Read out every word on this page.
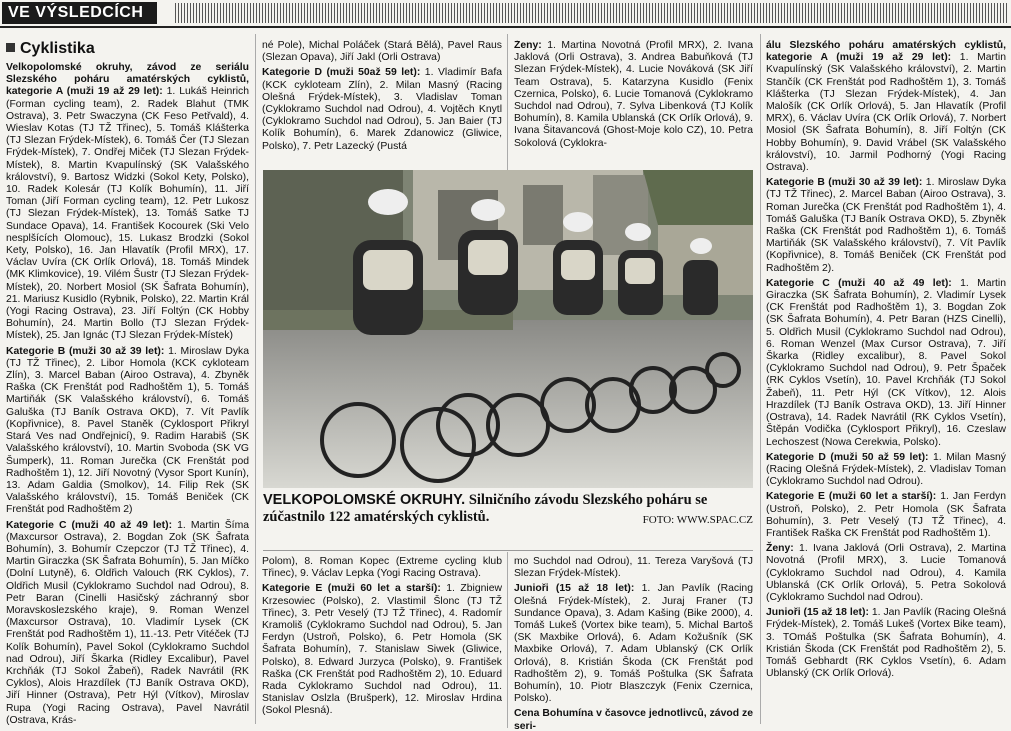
VE VÝSLEDCÍCH
Cyklistika

Velkopolomské okruhy, závod ze seriálu Slezského poháru amatérských cyklistů, kategorie A (muži 19 až 29 let): 1. Lukáš Heinrich (Forman cycling team), 2. Radek Blahut (TMK Ostrava), 3. Petr Swaczyna (CK Feso Petřvald), 4. Wieslav Kotas (TJ TŽ Třinec), 5. Tomáš Klášterka (TJ Slezan Frýdek-Místek), 6. Tomáš Čer (TJ Slezan Frýdek-Místek), 7. Ondřej Miček (TJ Slezan Frýdek-Místek), 8. Martin Kvapulínský (SK Valašského království), 9. Bartosz Widzki (Sokol Kety, Polsko), 10. Radek Kolesár (TJ Kolík Bohumín), 11. Jiří Toman (Jiří Forman cycling team), 12. Petr Lukosz (TJ Slezan Frýdek-Místek), 13. Tomáš Satke TJ Sundace Opava), 14. František Kocourek (Ski Velo nesplšících Olomouc), 15. Lukasz Brodzki (Sokol Kety, Polsko), 16. Jan Hlavatík (Profil MRX), 17. Václav Uvíra (CK Orlík Orlová), 18. Tomáš Mindek (MK Klimkovice), 19. Vilém Šustr (TJ Slezan Frýdek-Místek), 20. Norbert Mosiol (SK Šafrata Bohumín), 21. Mariusz Kusidlo (Rybnik, Polsko), 22. Martin Král (Yogi Racing Ostrava), 23. Jiří Foltýn (CK Hobby Bohumín), 24. Martin Bollo (TJ Slezan Frýdek-Místek), 25. Jan Ignác (TJ Slezan Frýdek-Místek)

Kategorie B (muži 30 až 39 let): 1. Miroslaw Dyka (TJ TŽ Třinec), 2. Libor Homola (KCK cykloteam Zlín), 3. Marcel Baban (Airoo Ostrava), 4. Zbyněk Raška (CK Frenštát pod Radhoštěm 1), 5. Tomáš Martiňák (SK Valašského království), 6. Tomáš Galuška (TJ Baník Ostrava OKD), 7. Vít Pavlík (Kopřivnice), 8. Pavel Staněk (Cyklosport Přikryl Stará Ves nad Ondřejnicí), 9. Radim Harabiš (SK Valašského království), 10. Martin Svoboda (SK VG Šumperk), 11. Roman Jurečka (CK Frenštát pod Radhoštěm 1), 12. Jiří Novotný (Vysor Sport Kunín), 13. Adam Galdia (Smolkov), 14. Filip Rek (SK Valašského království), 15. Tomáš Beniček (CK Frenštát pod Radhoštěm 2)

Kategorie C (muži 40 až 49 let): 1. Martin Šíma (Maxcursor Ostrava), 2. Bogdan Zok (SK Šafrata Bohumín), 3. Bohumír Czepczor (TJ TŽ Třinec), 4. Martin Giraczka (SK Šafrata Bohumín), 5. Jan Míčko (Dolní Lutyně), 6. Oldřich Valouch (RK Cyklos), 7. Oldřich Musil (Cyklokramo Suchdol nad Odrou), 8. Petr Baran (Cinelli Hasičský záchranný sbor Moravskoslezského kraje), 9. Roman Wenzel (Maxcursor Ostrava), 10. Vladimír Lysek (CK Frenštát pod Radhoštěm 1), 11.-13. Petr Vitéček (TJ Kolík Bohumín), Pavel Sokol (Cyklokramo Suchdol nad Odrou), Jiří Škarka (Ridley Excalibur), Pavel Krchňák (TJ Sokol Žabeň), Radek Navrátil (RK Cyklos), Alois Hrazdílek (TJ Baník Ostrava OKD), Jiří Hinner (Ostrava), Petr Hýl (Vítkov), Miroslav Rupa (Yogi Racing Ostrava), Pavel Navrátil (Ostrava, Krás-

né Pole), Michal Poláček (Stará Bělá), Pavel Raus (Slezan Opava), Jiří Jakl (Orli Ostrava)

Kategorie D (muži 50až 59 let): 1. Vladimír Bafa (KCK cykloteam Zlín), 2. Milan Masný (Racing Olešná Frýdek-Místek), 3. Vladislav Toman (Cyklokramo Suchdol nad Odrou), 4. Vojtěch Knytl (Cyklokramo Suchdol nad Odrou), 5. Jan Baier (TJ Kolík Bohumín), 6. Marek Zdanowicz (Gliwice, Polsko), 7. Petr Lazecký (Pustá

Ženy: 1. Martina Novotná (Profil MRX), 2. Ivana Jaklová (Orli Ostrava), 3. Andrea Babuňková (TJ Slezan Frýdek-Místek), 4. Lucie Nováková (SK Jiří Team Ostrava), 5. Katarzyna Kusidlo (Fenix Czernica, Polsko), 6. Lucie Tomanová (Cyklokramo Suchdol nad Odrou), 7. Sylva Libenková (TJ Kolík Bohumín), 8. Kamila Ublanská (CK Orlík Orlová), 9. Ivana Šitavancová (Ghost-Moje kolo CZ), 10. Petra Sokolová (Cyklokra-

VELKOPOLOMSKÉ OKRUHY. Silničního závodu Slezského poháru se zúčastnilo 122 amatérských cyklistů.	FOTO: WWW.SPAC.CZ

Polom), 8. Roman Kopec (Extreme cycling klub Třinec), 9. Václav Lepka (Yogi Racing Ostrava).

Kategorie E (muži 60 let a starší): 1. Zbigniew Krzesowiec (Polsko), 2. Vlastimil Šlonc (TJ TŽ Třinec), 3. Petr Veselý (TJ TŽ Třinec), 4. Radomír Kramoliš (Cyklokramo Suchdol nad Odrou), 5. Jan Ferdyn (Ustroň, Polsko), 6. Petr Homola (SK Šafrata Bohumín), 7. Stanislaw Siwek (Gliwice, Polsko), 8. Edward Jurzyca (Polsko), 9. František Raška (CK Frenštát pod Radhoštěm 2), 10. Eduard Rada Cyklokramo Suchdol nad Odrou), 11. Stanislav Oslzla (Brušperk), 12. Miroslav Hrdina (Sokol Plesná).

mo Suchdol nad Odrou), 11. Tereza Varyšová (TJ Slezan Frýdek-Místek).

Junioři (15 až 18 let): 1. Jan Pavlík (Racing Olešná Frýdek-Místek), 2. Juraj Franer (TJ Sundance Opava), 3. Adam Kašing (Bike 2000), 4. Tomáš Lukeš (Vortex bike team), 5. Michal Bartoš (SK Maxbike Orlová), 6. Adam Kožušník (SK Maxbike Orlová), 7. Adam Ublanský (CK Orlík Orlová), 8. Kristián Škoda (CK Frenštát pod Radhoštěm 2), 9. Tomáš Poštulka (SK Šafrata Bohumín), 10. Piotr Blaszczyk (Fenix Czernica, Polsko).

Cena Bohumína v časovce jednotlivců, závod ze seri-

álu Slezského poháru amatérských cyklistů, kategorie A (muži 19 až 29 let): 1. Martin Kvapulínský (SK Valašského království), 2. Martin Stančík (CK Frenštát pod Radhoštěm 1), 3. Tomáš Klášterka (TJ Slezan Frýdek-Místek), 4. Jan Malošík (CK Orlík Orlová), 5. Jan Hlavatík (Profil MRX), 6. Václav Uvíra (CK Orlík Orlová), 7. Norbert Mosiol (SK Šafrata Bohumín), 8. Jiří Foltýn (CK Hobby Bohumín), 9. David Vrábel (SK Valašského království), 10. Jarmil Podhorný (Yogi Racing Ostrava).

Kategorie B (muži 30 až 39 let): 1. Miroslaw Dyka (TJ TŽ Třinec), 2. Marcel Baban (Airoo Ostrava), 3. Roman Jurečka (CK Frenštát pod Radhoštěm 1), 4. Tomáš Galuška (TJ Baník Ostrava OKD), 5. Zbyněk Raška (CK Frenštát pod Radhoštěm 1), 6. Tomáš Martiňák (SK Valašského království), 7. Vít Pavlík (Kopřivnice), 8. Tomáš Beniček (CK Frenštát pod Radhoštěm 2).

Kategorie C (muži 40 až 49 let): 1. Martin Giraczka (SK Šafrata Bohumín), 2. Vladimír Lysek (CK Frenštát pod Radhoštěm 1), 3. Bogdan Zok (SK Šafrata Bohumín), 4. Petr Baran (HZS Cinelli), 5. Oldřich Musil (Cyklokramo Suchdol nad Odrou), 6. Roman Wenzel (Max Cursor Ostrava), 7. Jiří Škarka (Ridley excalibur), 8. Pavel Sokol (Cyklokramo Suchdol nad Odrou), 9. Petr Špaček (RK Cyklos Vsetín), 10. Pavel Krchňák (TJ Sokol Žabeň), 11. Petr Hýl (CK Vítkov), 12. Alois Hrazdílek (TJ Baník Ostrava OKD), 13. Jiří Hinner (Ostrava), 14. Radek Navrátil (RK Cyklos Vsetín), Štěpán Vodička (Cyklosport Přikryl), 16. Czeslaw Lechoszest (Nowa Cerekwia, Polsko).

Kategorie D (muži 50 až 59 let): 1. Milan Masný (Racing Olešná Frýdek-Místek), 2. Vladislav Toman (Cyklokramo Suchdol nad Odrou).

Kategorie E (muži 60 let a starší): 1. Jan Ferdyn (Ustroň, Polsko), 2. Petr Homola (SK Šafrata Bohumín), 3. Petr Veselý (TJ TŽ Třinec), 4. František Raška CK Frenštát pod Radhoštěm 1).

Ženy: 1. Ivana Jaklová (Orli Ostrava), 2. Martina Novotná (Profil MRX), 3. Lucie Tomanová (Cyklokramo Suchdol nad Odrou), 4. Kamila Ublanská (CK Orlík Orlová), 5. Petra Sokolová (Cyklokramo Suchdol nad Odrou).

Junioři (15 až 18 let): 1. Jan Pavlík (Racing Olešná Frýdek-Místek), 2. Tomáš Lukeš (Vortex Bike team), 3. TOmáš Poštulka (SK Šafrata Bohumín), 4. Kristián Škoda (CK Frenštát pod Radhoštěm 2), 5. Tomáš Gebhardt (RK Cyklos Vsetín), 6. Adam Ublanský (CK Orlík Orlová).
